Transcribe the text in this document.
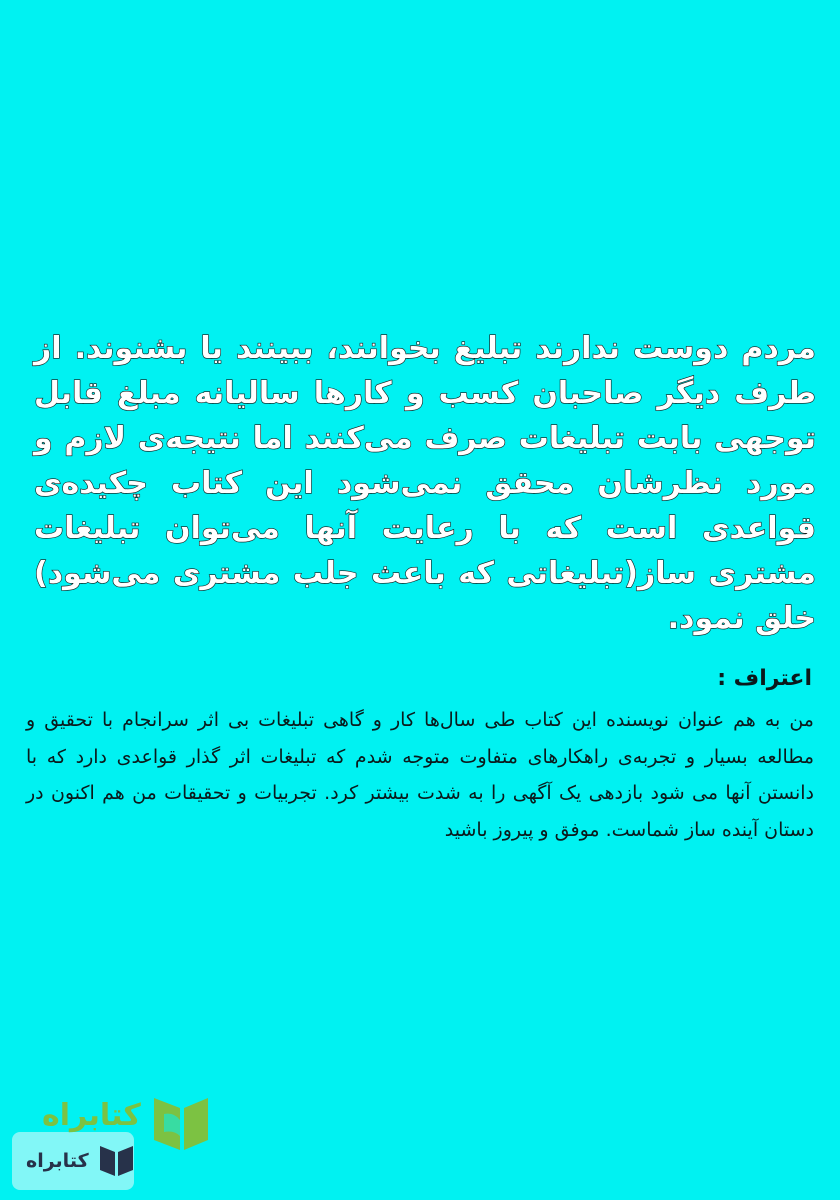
مردم دوست ندارند تبلیغ بخوانند، ببینند یا بشنوند. از طرف دیگر صاحبان کسب و کارها سالیانه مبلغ قابل توجهی بابت تبلیغات صرف می‌کنند اما نتیجه‌ی لازم و مورد نظرشان محقق نمی‌شود این کتاب چکیده‌ی قواعدی است که با رعایت آنها می‌توان تبلیغات مشتری ساز(تبلیغاتی که باعث جلب مشتری می‌شود) خلق نمود.
اعتراف :
من به هم عنوان نویسنده این کتاب طی سال‌ها کار و گاهی تبلیغات بی اثر سرانجام با تحقیق و مطالعه بسیار و تجربه‌ی راهکارهای متفاوت متوجه شدم که تبلیغات اثر گذار قواعدی دارد که با دانستن آنها می شود بازدهی یک آگهی را به شدت بیشتر کرد. تجربیات و تحقیقات من هم اکنون در دستان آینده ساز شماست. موفق و پیروز باشید
کتابراه
کتابراه
